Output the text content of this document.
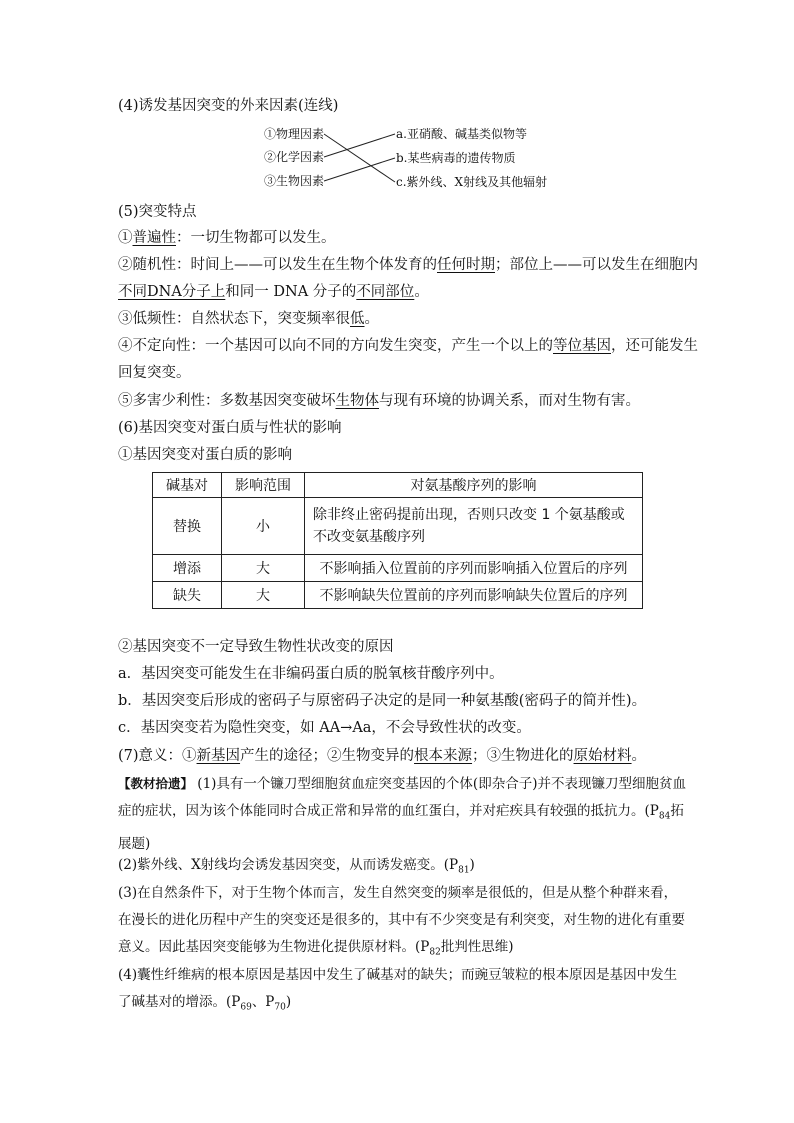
(4)诱发基因突变的外来因素(连线)
①物理因素
②化学因素
③生物因素
a.亚硝酸、碱基类似物等
b.某些病毒的遗传物质
c.紫外线、X射线及其他辐射
(5)突变特点
①普遍性：一切生物都可以发生。
②随机性：时间上——可以发生在生物个体发育的任何时期；部位上——可以发生在细胞内
不同DNA分子上和同一 DNA 分子的不同部位。
③低频性：自然状态下，突变频率很低。
④不定向性：一个基因可以向不同的方向发生突变，产生一个以上的等位基因，还可能发生
回复突变。
⑤多害少利性：多数基因突变破坏生物体与现有环境的协调关系，而对生物有害。
(6)基因突变对蛋白质与性状的影响
①基因突变对蛋白质的影响
碱基对	影响范围	对氨基酸序列的影响
替换	小	除非终止密码提前出现，否则只改变 1 个氨基酸或不改变氨基酸序列
增添	大	不影响插入位置前的序列而影响插入位置后的序列
缺失	大	不影响缺失位置前的序列而影响缺失位置后的序列
②基因突变不一定导致生物性状改变的原因
a．基因突变可能发生在非编码蛋白质的脱氧核苷酸序列中。
b．基因突变后形成的密码子与原密码子决定的是同一种氨基酸(密码子的简并性)。
c．基因突变若为隐性突变，如 AA→Aa，不会导致性状的改变。
(7)意义：①新基因产生的途径；②生物变异的根本来源；③生物进化的原始材料。
【教材拾遗】 (1)具有一个镰刀型细胞贫血症突变基因的个体(即杂合子)并不表现镰刀型细胞贫血症的症状，因为该个体能同时合成正常和异常的血红蛋白，并对疟疾具有较强的抵抗力。($P_{84}$拓展题)
(2)紫外线、X射线均会诱发基因突变，从而诱发癌变。$(P_{81})$
(3)在自然条件下，对于生物个体而言，发生自然突变的频率是很低的，但是从整个种群来看，在漫长的进化历程中产生的突变还是很多的，其中有不少突变是有利突变，对生物的进化有重要意义。因此基因突变能够为生物进化提供原材料。($P_{82}$批判性思维)
(4)囊性纤维病的根本原因是基因中发生了碱基对的缺失；而豌豆皱粒的根本原因是基因中发生了碱基对的增添。($P_{69}$、$P_{70}$)
